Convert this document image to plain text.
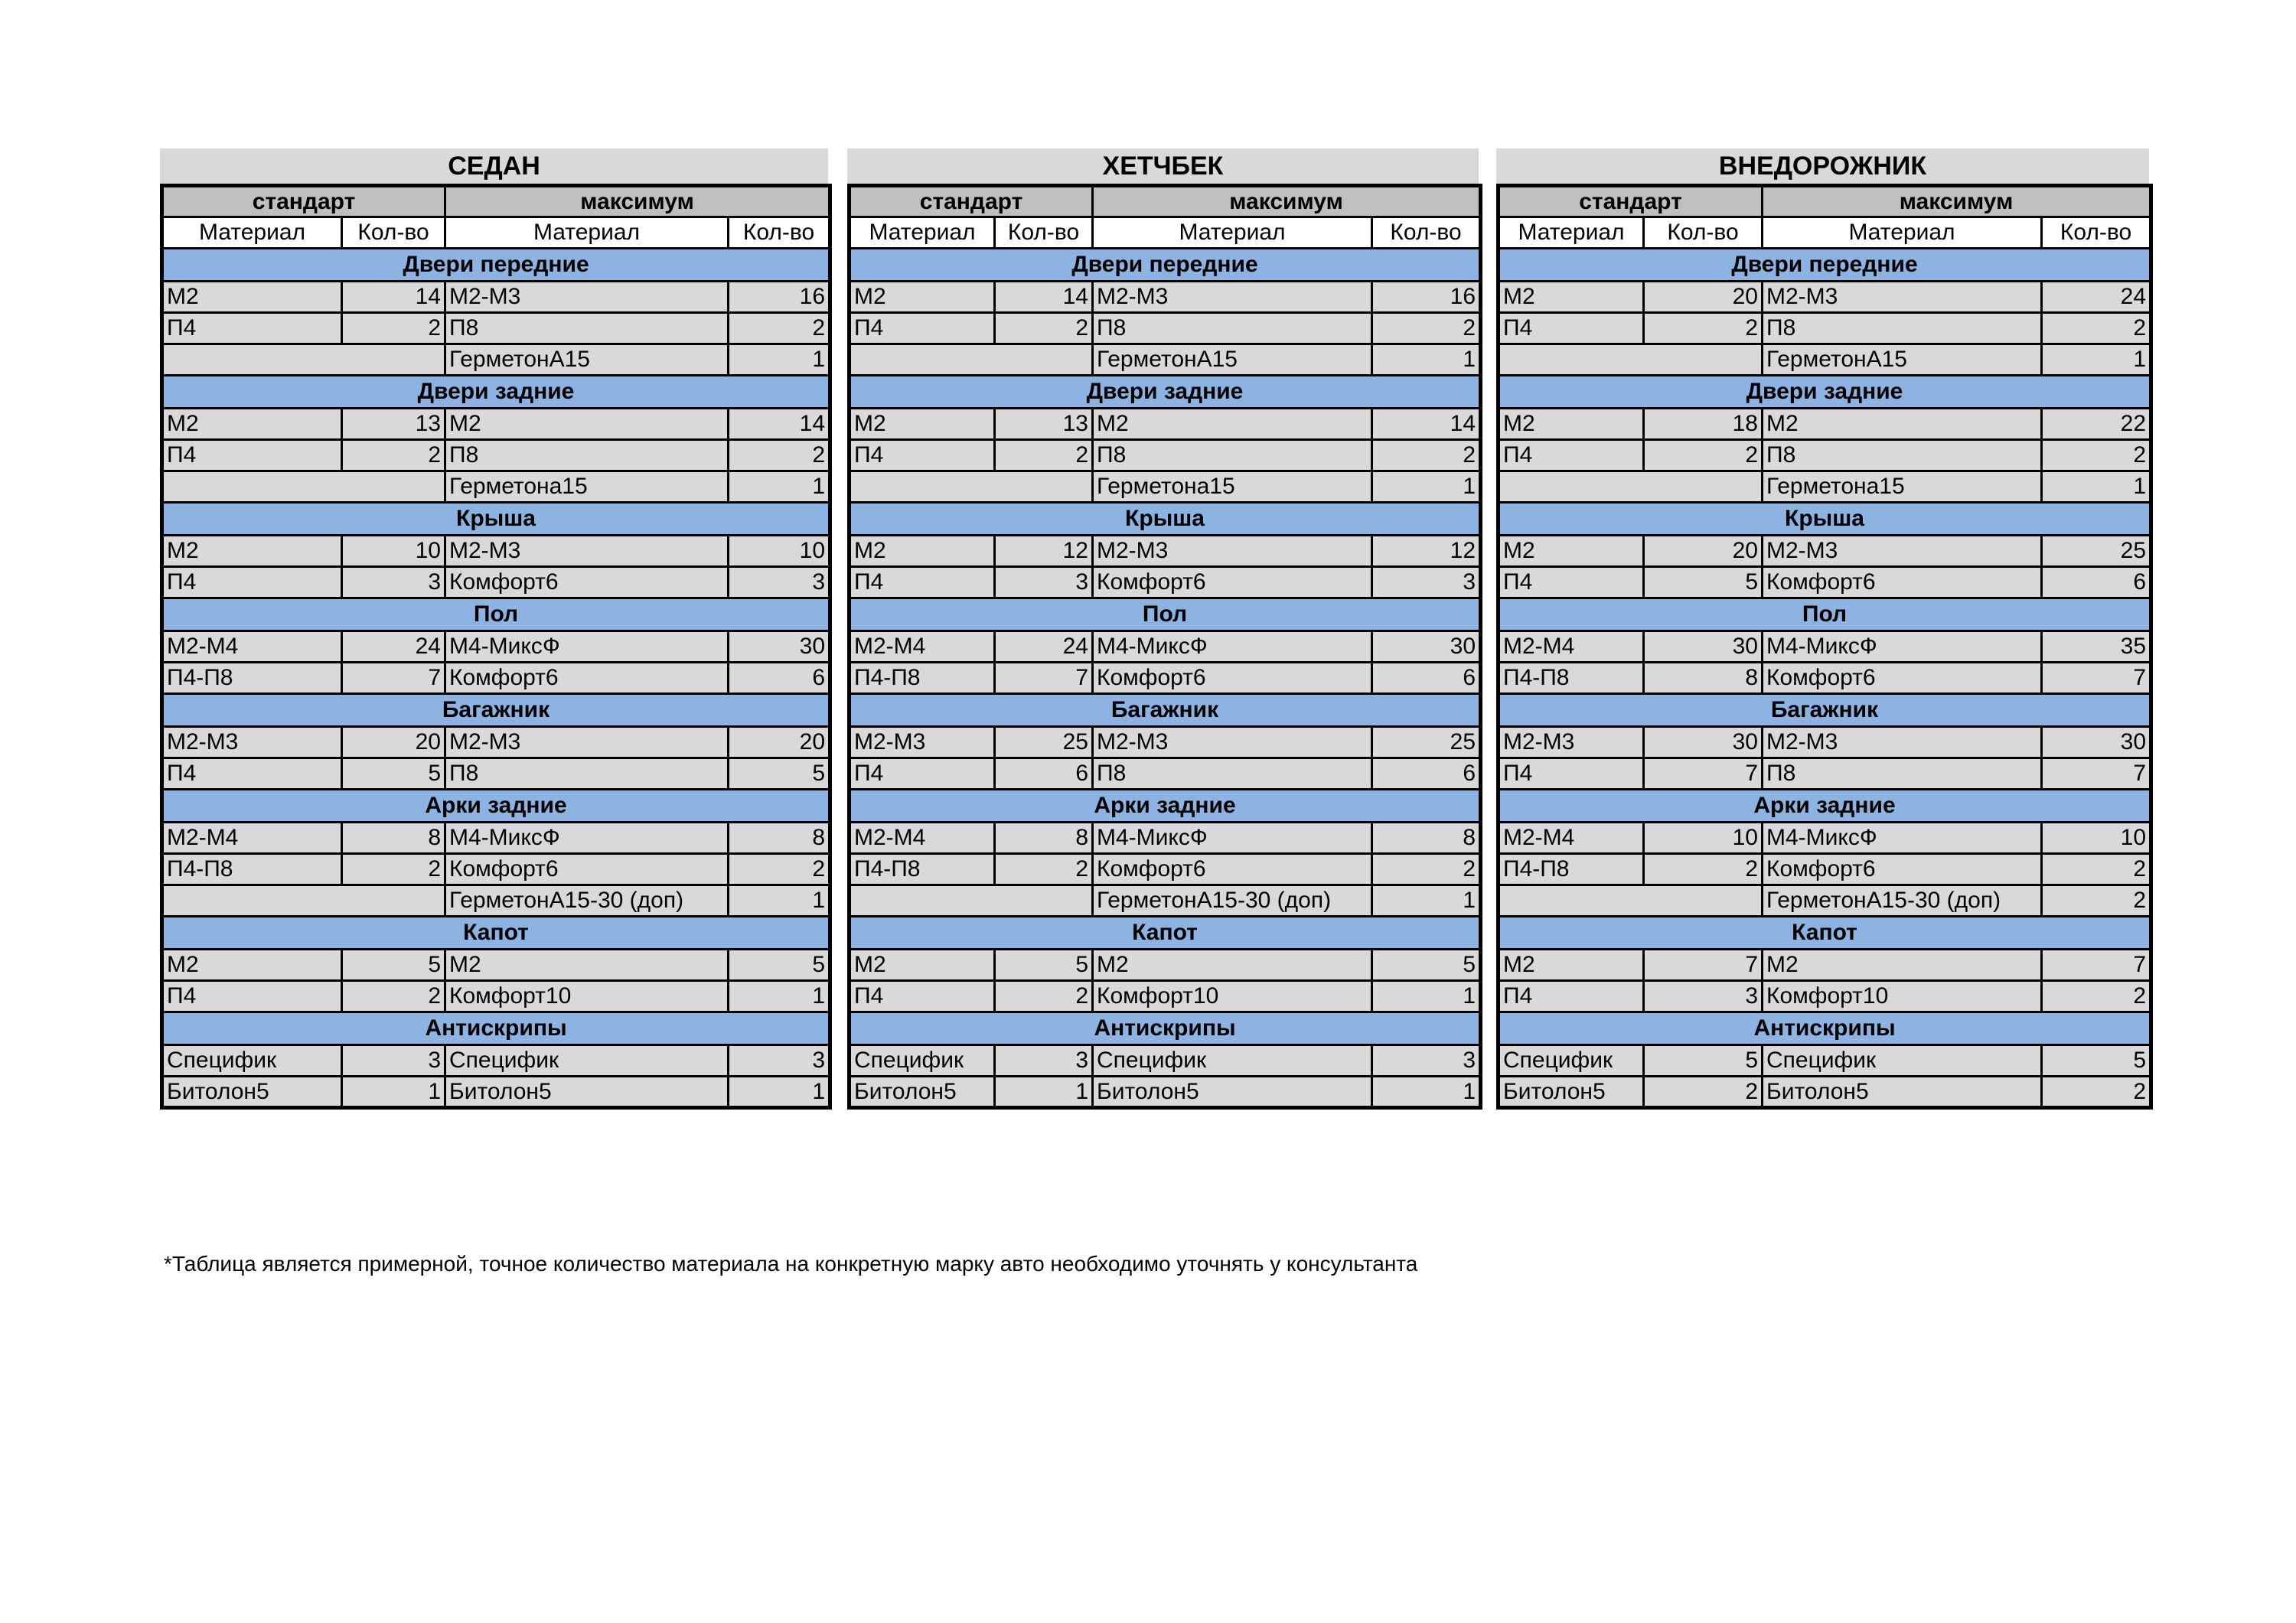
СЕДАН
стандарт		максимум	
Материал	Кол-во	Материал	Кол-во
Двери передние			
М2	14	М2-М3	16
П4	2	П8	2
		ГерметонА15	1
Двери задние			
М2	13	М2	14
П4	2	П8	2
		Герметона15	1
Крыша			
М2	10	М2-М3	10
П4	3	Комфорт6	3
Пол			
М2-М4	24	М4-МиксФ	30
П4-П8	7	Комфорт6	6
Багажник			
М2-М3	20	М2-М3	20
П4	5	П8	5
Арки задние			
М2-М4	8	М4-МиксФ	8
П4-П8	2	Комфорт6	2
		ГерметонА15-30 (доп)	1
Капот			
М2	5	М2	5
П4	2	Комфорт10	1
Антискрипы			
Специфик	3	Специфик	3
Битолон5	1	Битолон5	1
ХЕТЧБЕК
стандарт		максимум	
Материал	Кол-во	Материал	Кол-во
Двери передние			
М2	14	М2-М3	16
П4	2	П8	2
		ГерметонА15	1
Двери задние			
М2	13	М2	14
П4	2	П8	2
		Герметона15	1
Крыша			
М2	12	М2-М3	12
П4	3	Комфорт6	3
Пол			
М2-М4	24	М4-МиксФ	30
П4-П8	7	Комфорт6	6
Багажник			
М2-М3	25	М2-М3	25
П4	6	П8	6
Арки задние			
М2-М4	8	М4-МиксФ	8
П4-П8	2	Комфорт6	2
		ГерметонА15-30 (доп)	1
Капот			
М2	5	М2	5
П4	2	Комфорт10	1
Антискрипы			
Специфик	3	Специфик	3
Битолон5	1	Битолон5	1
ВНЕДОРОЖНИК
стандарт		максимум	
Материал	Кол-во	Материал	Кол-во
Двери передние			
М2	20	М2-М3	24
П4	2	П8	2
		ГерметонА15	1
Двери задние			
М2	18	М2	22
П4	2	П8	2
		Герметона15	1
Крыша			
М2	20	М2-М3	25
П4	5	Комфорт6	6
Пол			
М2-М4	30	М4-МиксФ	35
П4-П8	8	Комфорт6	7
Багажник			
М2-М3	30	М2-М3	30
П4	7	П8	7
Арки задние			
М2-М4	10	М4-МиксФ	10
П4-П8	2	Комфорт6	2
		ГерметонА15-30 (доп)	2
Капот			
М2	7	М2	7
П4	3	Комфорт10	2
Антискрипы			
Специфик	5	Специфик	5
Битолон5	2	Битолон5	2
*Таблица является примерной, точное количество материала на конкретную марку авто необходимо уточнять у консультанта
